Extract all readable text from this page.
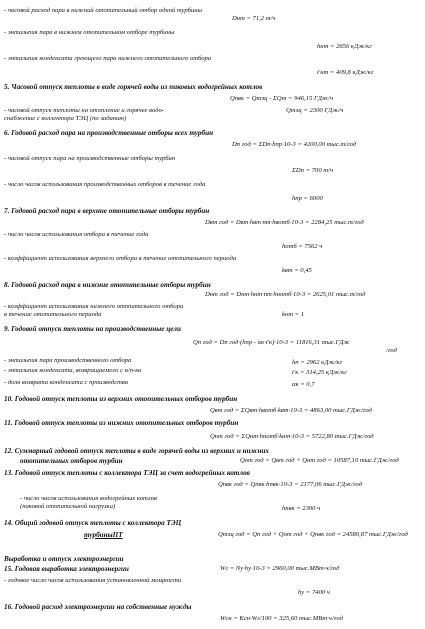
- часовой расход пара в нижний отопительный отбор одной турбины
Dнт = 71,2 т/ч
- энтальпия пара в нижнем отопительном отборе турбины
hнт = 2656 кДж/кг
- энтальпия конденсата греющего пара нижнего отопительного отбора
t'нт = 409,8 кДж/кг
5. Часовой отпуск теплоты в виде горячей воды из пиковых водогрейных котлов
Qпвк = Qтэц - ΣQт = 946,15 ГДж/ч
- часовой отпуск теплоты на отопление и горячее водо-	Qтэц = 2300 ГДж/ч
снабжение с коллектора ТЭЦ (по заданию)
6. Годовой расход пара на производственные отборы всех турбин
Dп год = ΣDп·hпр·10-3 = 4200,00 тыс.т/год
- часовой отпуск пара на производственные отборы турбин
ΣDп = 700 т/ч
- число часов использования производственных отборов в течение года
hпр = 6000
7. Годовой расход пара в верхние отопительные отборы турбин
Dвт год = Dвт·hвт·nт·hвотб·10-3 = 2284,25 тыс.т/год
- число часов использования отбора в течение года
hотб = 7562 ч
- коэффициент использования верхнего отбора в течение отопительного периода
kвт = 0,45
8. Годовой расход пара в нижние отопительные отборы турбин
Dнт год = Dнт·hнт·nт·hнотб·10-3 = 2625,01 тыс.т/год
- коэффициент использования нижнего отопительного отбора
в течение отопительного периода	kнт = 1
9. Годовой отпуск теплоты на производственные цели
Qп год = Dп год·(hпр - αк·t'к)·10-3 = 11816,31 тыс.ГДж
/год
- энтальпия пара производственного отбора	hп = 2962 кДж/кг
- энтальпия конденсата, возвращаемого с н/п-ка	t'к = 314,25 кДж/кг
- доля возврата конденсата с производства	αк = 0,7
10. Годовой отпуск теплоты из верхних отопительных отборов турбин
Qвт год = ΣQвт·hвотб·kвт·10-3 = 4863,00 тыс.ГДж/год
11. Годовой отпуск теплоты из нижних отопительных отборов турбин
Qнт год = ΣQнт·hнотб·kнт·10-3 = 5722,80 тыс.ГДж/год
12. Суммарный годовой отпуск теплоты в виде горячей воды из верхних и нижних
отопительных отборов турбин	Qот год = Qвт год + Qнт год = 10587,10 тыс.ГДж/год
13. Годовой отпуск теплоты с коллектора ТЭЦ за счет водогрейных котлов
Qпвк год = Qпвк·hпвк·10-3 = 2177,06 тыс.ГДж/год
- число часов использования водогрейных котлов
(пиковой отопительной нагрузки)	hпвк = 2300 ч
14. Общий годовой отпуск теплоты с коллектора ТЭЦ
турбиныПТ	Qтэц год = Qп год + Qот год + Qпвк год = 24580,87 тыс.ГДж/год
Выработка и отпуск электроэнергии
15. Годовая выработка электроэнергии	Wг = Nу·hу·10-3 = 2960,00 тыс.МВт·ч/год
- годовое число часов использования установленной мощности
hу = 7400 ч
16. Годовой расход электроэнергии на собственные нужды
Wсн = Kсн·Wг/100 = 325,60 тыс.МВт·ч/год
